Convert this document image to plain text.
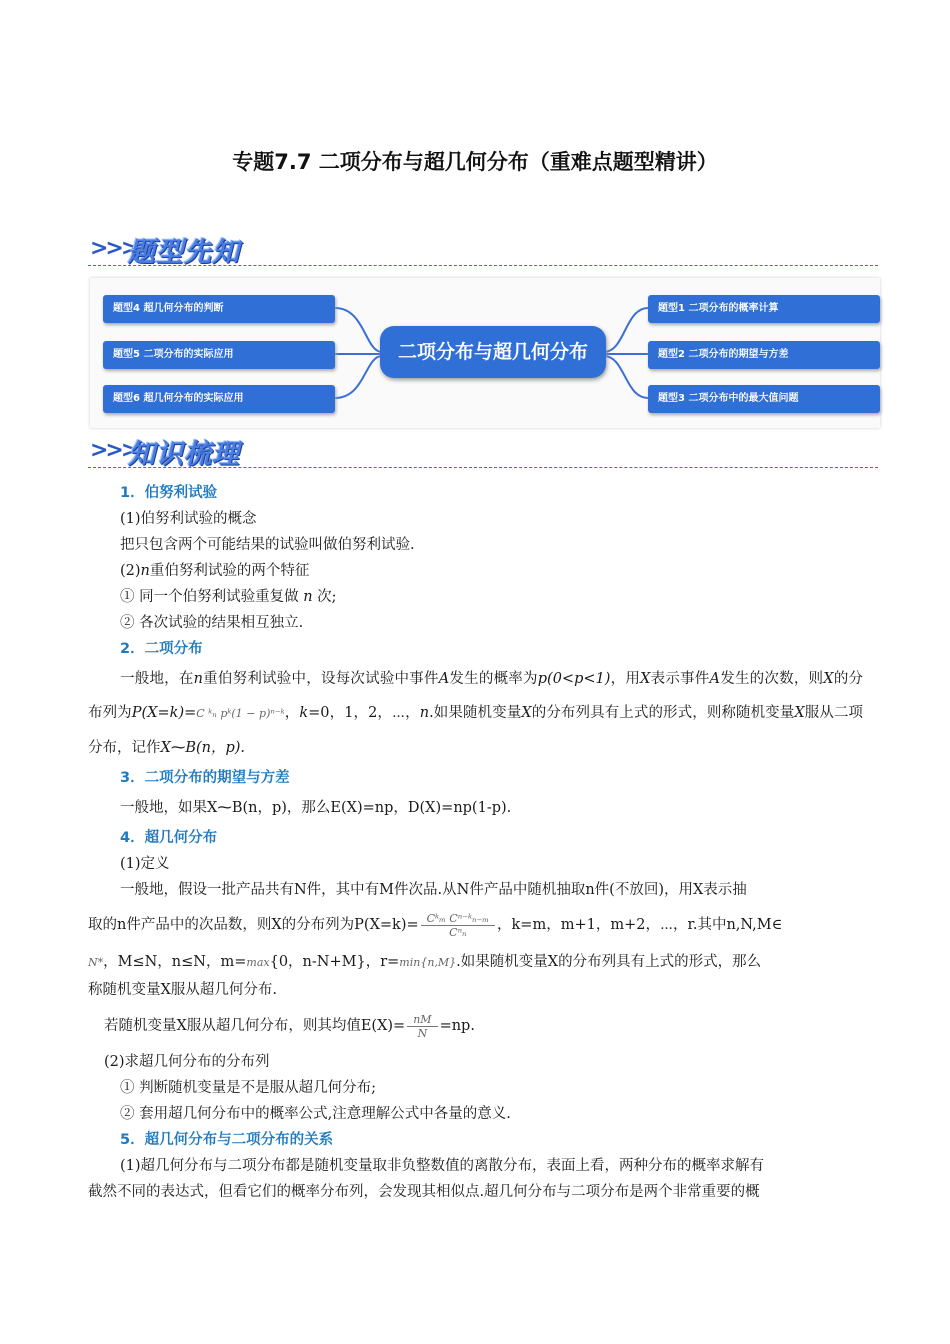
专题7.7 二项分布与超几何分布（重难点题型精讲）
>>>
题型先知
题型4 超几何分布的判断
题型5 二项分布的实际应用
题型6 超几何分布的实际应用
二项分布与超几何分布
题型1 二项分布的概率计算
题型2 二项分布的期望与方差
题型3 二项分布中的最大值问题
>>>
知识梳理
1．伯努利试验
(1)伯努利试验的概念
把只包含两个可能结果的试验叫做伯努利试验.
(2)n重伯努利试验的两个特征
① 同一个伯努利试验重复做 n 次;
② 各次试验的结果相互独立.
2．二项分布
一般地，在n重伯努利试验中，设每次试验中事件A发生的概率为p(0<p<1)，用X表示事件A发生的次数，则X的分布列为P(X=k)=C ᵏₙ pᵏ(1 − p)ⁿ⁻ᵏ，k=0，1，2，⋯，n.如果随机变量X的分布列具有上式的形式，则称随机变量X服从二项分布，记作X⁓B(n，p).
3．二项分布的期望与方差
一般地，如果X⁓B(n，p)，那么E(X)=np，D(X)=np(1-p).
4．超几何分布
(1)定义
一般地，假设一批产品共有N件，其中有M件次品.从N件产品中随机抽取n件(不放回)，用X表示抽
取的n件产品中的次品数，则X的分布列为$P(X=k)= \frac{\text{Cᵏₘ Cⁿ⁻ᵏₙ₋ₘ}}{\text{Cⁿₙ}}$ ，k=m，m+1，m+2，⋯，r.其中n,N,M∈
N*，M≤N，n≤N，m=max{0，n-N+M}，r=min{n,M}.如果随机变量X的分布列具有上式的形式，那么
称随机变量X服从超几何分布.
若随机变量X服从超几何分布，则其均值$E(X)= \frac{nM}{N} =np$.
(2)求超几何分布的分布列
① 判断随机变量是不是服从超几何分布;
② 套用超几何分布中的概率公式,注意理解公式中各量的意义.
5．超几何分布与二项分布的关系
(1)超几何分布与二项分布都是随机变量取非负整数值的离散分布，表面上看，两种分布的概率求解有
截然不同的表达式，但看它们的概率分布列，会发现其相似点.超几何分布与二项分布是两个非常重要的概
